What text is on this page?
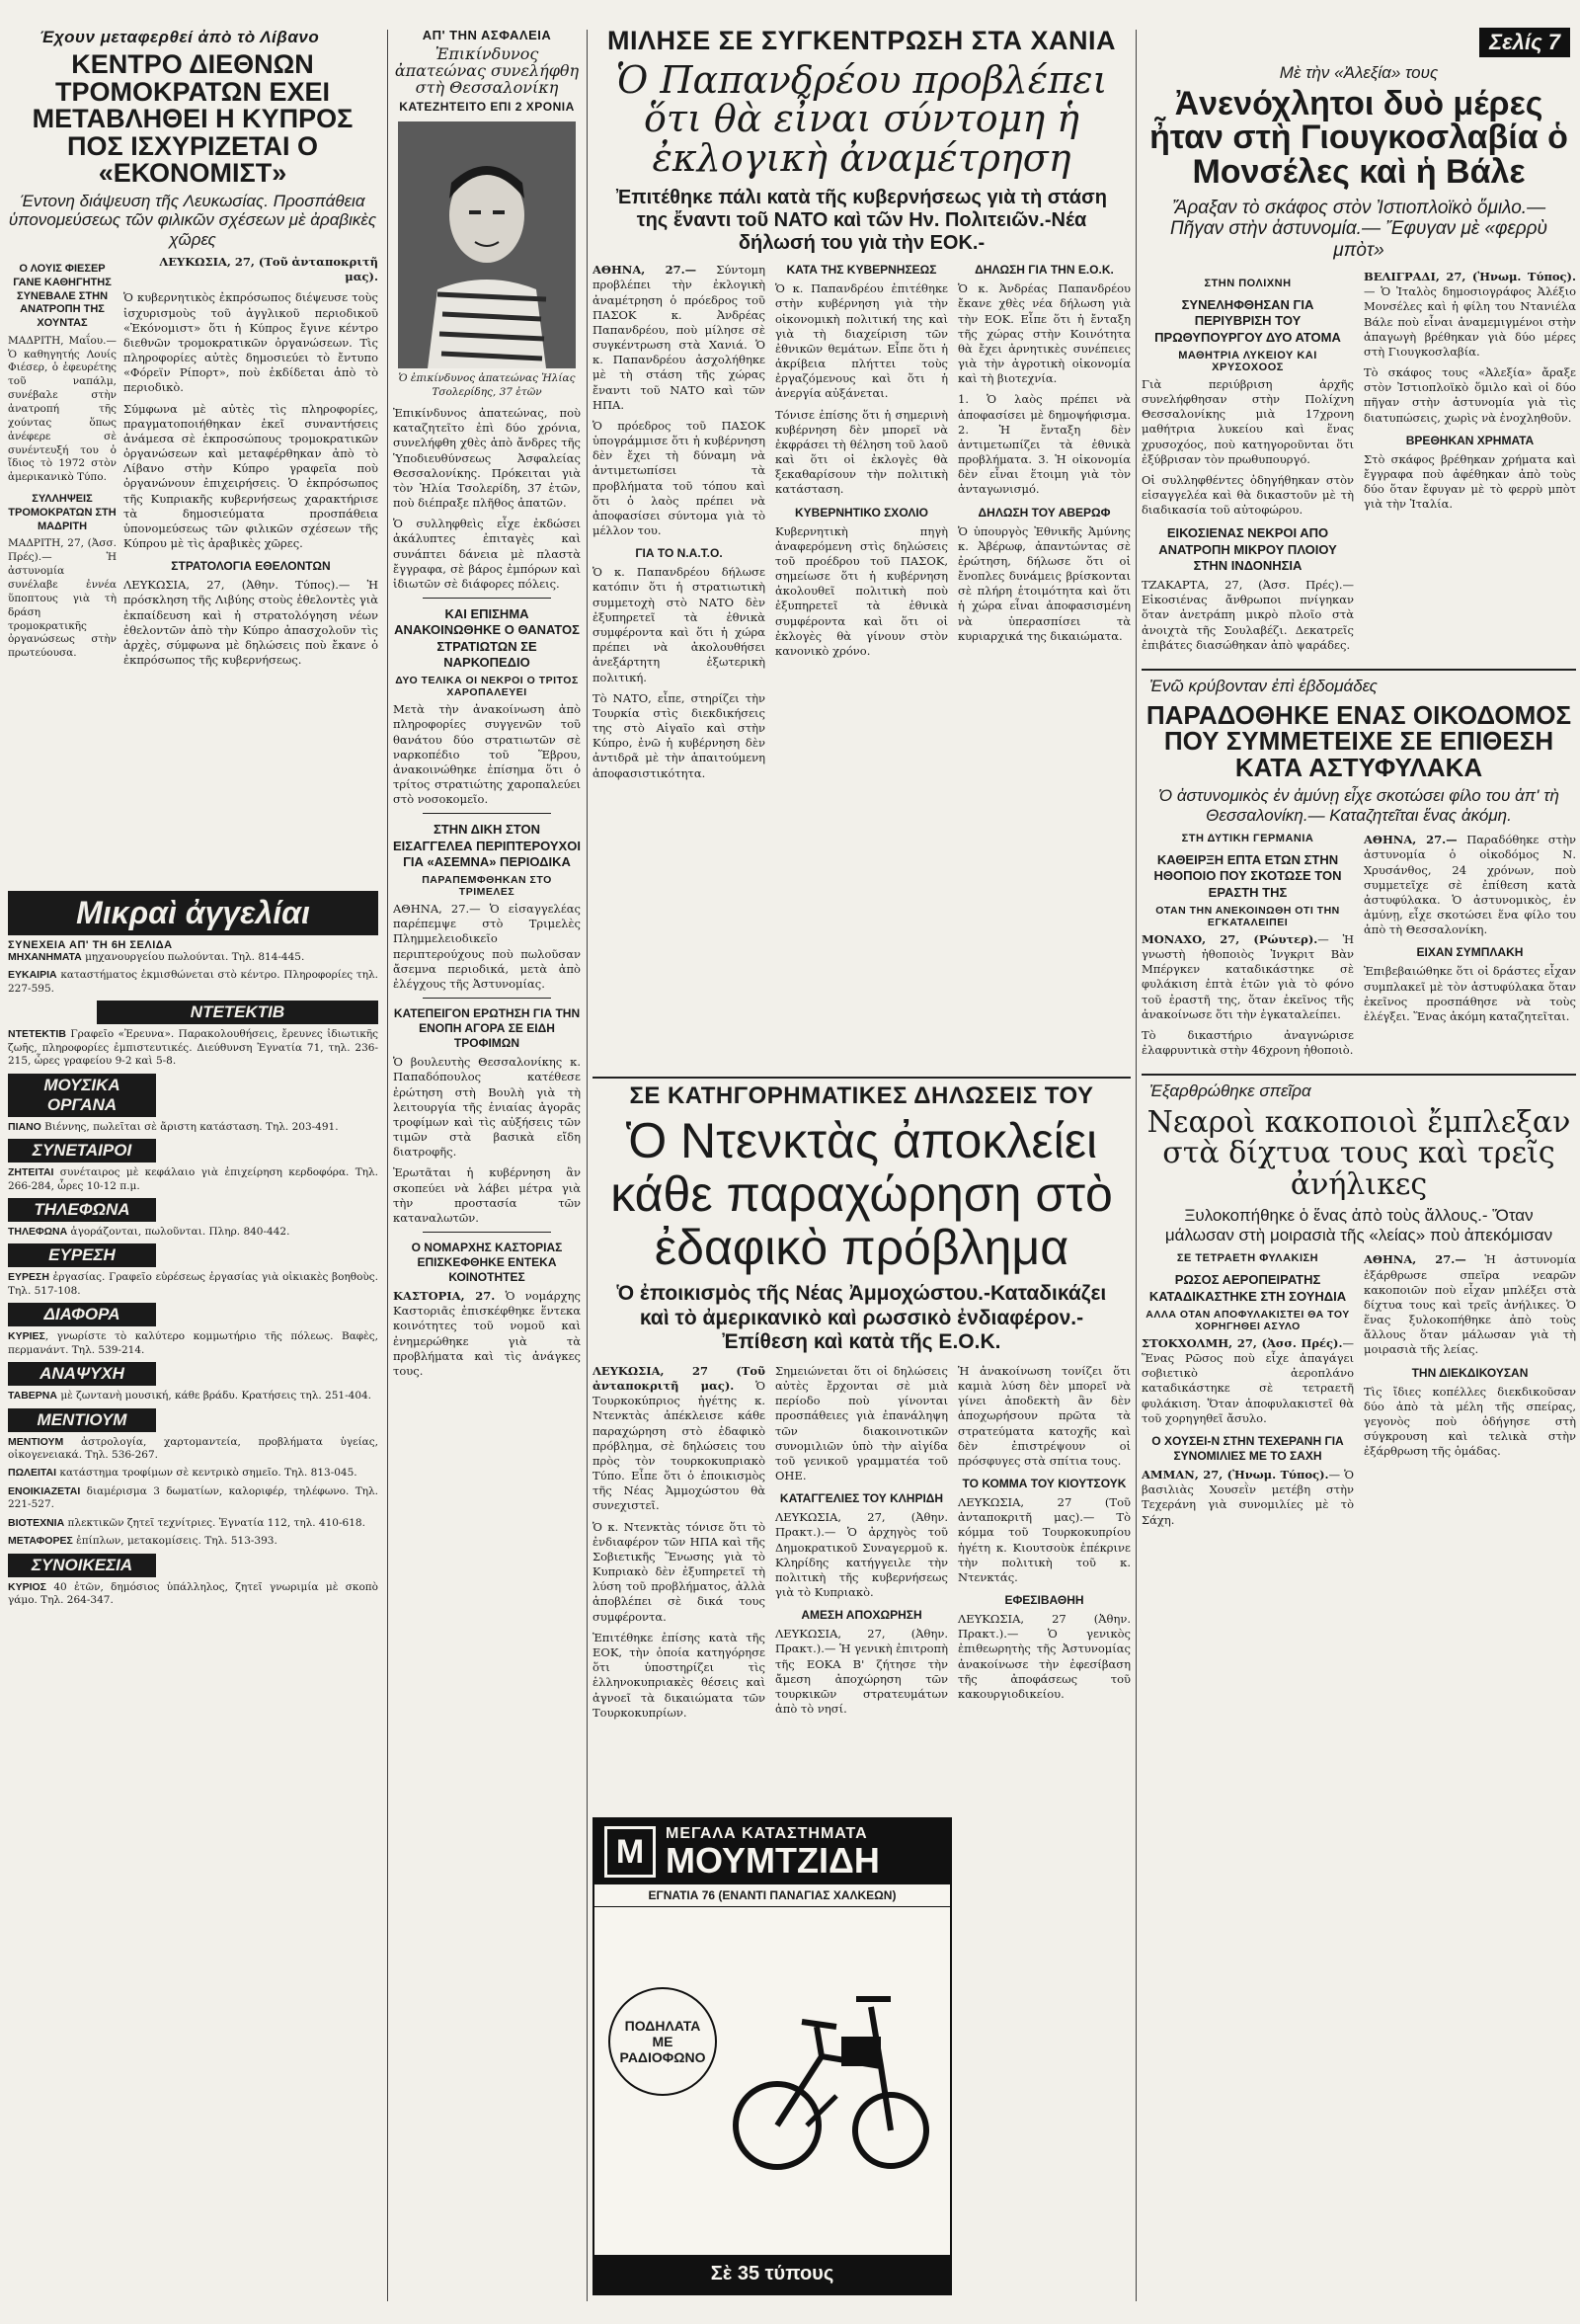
Έχουν μεταφερθεί ἀπὸ τὸ Λίβανο
ΚΕΝΤΡΟ ΔΙΕΘΝΩΝ ΤΡΟΜΟΚΡΑΤΩΝ ΕΧΕΙ ΜΕΤΑΒΛΗΘΕΙ Η ΚΥΠΡΟΣ ΠΟΣ ΙΣΧΥΡΙΖΕΤΑΙ Ο «ΕΚΟΝΟΜΙΣΤ»
Έντονη διάψευση τῆς Λευκωσίας. Προσπάθεια ὑπονομεύσεως τῶν φιλικῶν σχέσεων μὲ ἀραβικὲς χῶρες
Ο ΛΟΥΙΣ ΦΙΕΣΕΡ ΓΑΝΕ ΚΑΘΗΓΗΤΗΣ ΣΥΝΕΒΑΛΕ ΣΤΗΝ ΑΝΑΤΡΟΠΗ ΤΗΣ ΧΟΥΝΤΑΣ

ΜΑΔΡΙΤΗ, Μαΐου.— Ὁ καθηγητής Λουίς Φιέσερ, ὁ ἐφευρέτης τοῦ ναπάλμ, συνέβαλε στὴν ἀνατροπή τῆς χούντας ὅπως ἀνέφερε σὲ συνέντευξή του ὁ ἴδιος τὸ 1972 στὸν ἀμερικανικὸ Τύπο.

ΣΥΛΛΗΨΕΙΣ ΤΡΟΜΟΚΡΑΤΩΝ ΣΤΗ ΜΑΔΡΙΤΗ

ΜΑΔΡΙΤΗ, 27, (Ἀσσ. Πρές).— Ἡ ἀστυνομία συνέλαβε ἐννέα ὕποπτους γιὰ τὴ δράση τρομοκρατικῆς ὀργανώσεως στὴν πρωτεύουσα.

ΛΕΥΚΩΣΙΑ, 27, (Τοῦ ἀνταποκριτῆ μας).

Ὁ κυβερνητικὸς ἐκπρόσωπος διέψευσε τοὺς ἰσχυρισμοὺς τοῦ ἀγγλικοῦ περιοδικοῦ «Ἐκόνομιστ» ὅτι ἡ Κύπρος ἔγινε κέντρο διεθνῶν τρομοκρατικῶν ὀργανώσεων. Τὶς πληροφορίες αὐτὲς δημοσιεύει τὸ ἔντυπο «Φόρεϊν Ρίπορτ», ποὺ ἐκδίδεται ἀπὸ τὸ περιοδικὸ.

Σύμφωνα μὲ αὐτὲς τὶς πληροφορίες, πραγματοποιήθηκαν ἐκεῖ συναντήσεις ἀνάμεσα σὲ ἐκπροσώπους τρομοκρατικῶν ὀργανώσεων καὶ μεταφέρθηκαν ἀπὸ τὸ Λίβανο στὴν Κύπρο γραφεῖα ποὺ ὀργανώνουν ἐπιχειρήσεις. Ὁ ἐκπρόσωπος τῆς Κυπριακῆς κυβερνήσεως χαρακτήρισε τὰ δημοσιεύματα προσπάθεια ὑπονομεύσεως τῶν φιλικῶν σχέσεων τῆς Κύπρου μὲ τὶς ἀραβικὲς χῶρες.

ΣΤΡΑΤΟΛΟΓΙΑ ΕΘΕΛΟΝΤΩΝ

ΛΕΥΚΩΣΙΑ, 27, (Ἀθην. Τύπος).— Ἡ πρόσκληση τῆς Λιβύης στοὺς ἐθελοντὲς γιὰ ἐκπαίδευση καὶ ἡ στρατολόγηση νέων ἐθελοντῶν ἀπὸ τὴν Κύπρο ἀπασχολοῦν τὶς ἀρχὲς, σύμφωνα μὲ δηλώσεις ποὺ ἔκανε ὁ ἐκπρόσωπος τῆς κυβερνήσεως.

Μικραὶ ἀγγελίαι
ΣΥΝΕΧΕΙΑ ΑΠ' ΤΗ 6Η ΣΕΛΙΔΑ

ΜΗΧΑΝΗΜΑΤΑ μηχανουργείου πωλούνται. Τηλ. 814-445.

ΕΥΚΑΙΡΙΑ καταστήματος ἐκμισθώνεται στὸ κέντρο. Πληροφορίες τηλ. 227-595.

ΝΤΕΤΕΚΤΙΒ

ΝΤΕΤΕΚΤΙΒ Γραφεῖο «Ἐρευνα». Παρακολουθήσεις, ἔρευνες ἰδιωτικῆς ζωῆς, πληροφορίες ἐμπιστευτικές. Διεύθυνση Ἐγνατία 71, τηλ. 236-215, ὧρες γραφείου 9-2 καὶ 5-8.

ΜΟΥΣΙΚΑ ΟΡΓΑΝΑ

ΠΙΑΝΟ Βιέννης, πωλεῖται σὲ ἄριστη κατάσταση. Τηλ. 203-491.

ΣΥΝΕΤΑΙΡΟΙ

ΖΗΤΕΙΤΑΙ συνέταιρος μὲ κεφάλαιο γιὰ ἐπιχείρηση κερδοφόρα. Τηλ. 266-284, ὧρες 10-12 π.μ.

ΤΗΛΕΦΩΝΑ

ΤΗΛΕΦΩΝΑ ἀγοράζονται, πωλοῦνται. Πληρ. 840-442.

ΕΥΡΕΣΗ

ΕΥΡΕΣΗ ἐργασίας. Γραφεῖο εὑρέσεως ἐργασίας γιὰ οἰκιακὲς βοηθοὺς. Τηλ. 517-108.

ΔΙΑΦΟΡΑ

ΚΥΡΙΕΣ, γνωρίστε τὸ καλύτερο κομμωτήριο τῆς πόλεως. Βαφὲς, περμανάντ. Τηλ. 539-214.

ΑΝΑΨΥΧΗ

ΤΑΒΕΡΝΑ μὲ ζωντανὴ μουσική, κάθε βράδυ. Κρατήσεις τηλ. 251-404.

ΜΕΝΤΙΟΥΜ

ΜΕΝΤΙΟΥΜ ἀστρολογία, χαρτομαντεία, προβλήματα ὑγείας, οἰκογενειακά. Τηλ. 536-267.

ΠΩΛΕΙΤΑΙ κατάστημα τροφίμων σὲ κεντρικὸ σημεῖο. Τηλ. 813-045.

ΕΝΟΙΚΙΑΖΕΤΑΙ διαμέρισμα 3 δωματίων, καλοριφέρ, τηλέφωνο. Τηλ. 221-527.

ΒΙΟΤΕΧΝΙΑ πλεκτικῶν ζητεῖ τεχνίτριες. Ἐγνατία 112, τηλ. 410-618.

ΜΕΤΑΦΟΡΕΣ ἐπίπλων, μετακομίσεις. Τηλ. 513-393.

ΣΥΝΟΙΚΕΣΙΑ

ΚΥΡΙΟΣ 40 ἐτῶν, δημόσιος ὑπάλληλος, ζητεῖ γνωριμία μὲ σκοπὸ γάμο. Τηλ. 264-347.

ΑΠ' ΤΗΝ ΑΣΦΑΛΕΙΑ
Ἐπικίνδυνος ἀπατεώνας συνελήφθη στὴ Θεσσαλονίκη
ΚΑΤΕΖΗΤΕΙΤΟ ΕΠΙ 2 ΧΡΟΝΙΑ
Ὁ ἐπικίνδυνος ἀπατεώνας Ἠλίας Τσολερίδης, 37 ἐτῶν

Ἐπικίνδυνος ἀπατεώνας, ποὺ καταζητεῖτο ἐπὶ δύο χρόνια, συνελήφθη χθὲς ἀπὸ ἄνδρες τῆς Ὑποδιευθύνσεως Ἀσφαλείας Θεσσαλονίκης. Πρόκειται γιὰ τὸν Ἠλία Τσολερίδη, 37 ἐτῶν, ποὺ διέπραξε πλῆθος ἀπατῶν.

Ὁ συλληφθεὶς εἶχε ἐκδώσει ἀκάλυπτες ἐπιταγὲς καὶ συνάπτει δάνεια μὲ πλαστὰ ἔγγραφα, σὲ βάρος ἐμπόρων καὶ ἰδιωτῶν σὲ διάφορες πόλεις.

ΚΑΙ ΕΠΙΣΗΜΑ ΑΝΑΚΟΙΝΩΘΗΚΕ Ο ΘΑΝΑΤΟΣ ΣΤΡΑΤΙΩΤΩΝ ΣΕ ΝΑΡΚΟΠΕΔΙΟ
ΔΥΟ ΤΕΛΙΚΑ ΟΙ ΝΕΚΡΟΙ Ο ΤΡΙΤΟΣ ΧΑΡΟΠΑΛΕΥΕΙ

Μετὰ τὴν ἀνακοίνωση ἀπὸ πληροφορίες συγγενῶν τοῦ θανάτου δύο στρατιωτῶν σὲ ναρκοπέδιο τοῦ Ἕβρου, ἀνακοινώθηκε ἐπίσημα ὅτι ὁ τρίτος στρατιώτης χαροπαλεύει στὸ νοσοκομεῖο.

ΣΤΗΝ ΔΙΚΗ ΣΤΟΝ ΕΙΣΑΓΓΕΛΕΑ ΠΕΡΙΠΤΕΡΟΥΧΟΙ ΓΙΑ «ΑΣΕΜΝΑ» ΠΕΡΙΟΔΙΚΑ
ΠΑΡΑΠΕΜΦΘΗΚΑΝ ΣΤΟ ΤΡΙΜΕΛΕΣ

ΑΘΗΝΑ, 27.— Ὁ εἰσαγγελέας παρέπεμψε στὸ Τριμελὲς Πλημμελειοδικεῖο περιπτερούχους ποὺ πωλοῦσαν ἄσεμνα περιοδικά, μετὰ ἀπὸ ἐλέγχους τῆς Ἀστυνομίας.

ΚΑΤΕΠΕΙΓΟΝ ΕΡΩΤΗΣΗ ΓΙΑ ΤΗΝ ΕΝΟΠΗ ΑΓΟΡΑ ΣΕ ΕΙΔΗ ΤΡΟΦΙΜΩΝ

Ὁ βουλευτὴς Θεσσαλονίκης κ. Παπαδόπουλος κατέθεσε ἐρώτηση στὴ Βουλὴ γιὰ τὴ λειτουργία τῆς ἑνιαίας ἀγορᾶς τροφίμων καὶ τὶς αὐξήσεις τῶν τιμῶν στὰ βασικὰ εἴδη διατροφῆς.

Ἐρωτᾶται ἡ κυβέρνηση ἂν σκοπεύει νὰ λάβει μέτρα γιὰ τὴν προστασία τῶν καταναλωτῶν.

Ο ΝΟΜΑΡΧΗΣ ΚΑΣΤΟΡΙΑΣ ΕΠΙΣΚΕΦΘΗΚΕ ΕΝΤΕΚΑ ΚΟΙΝΟΤΗΤΕΣ

ΚΑΣΤΟΡΙΑ, 27. Ὁ νομάρχης Καστοριᾶς ἐπισκέφθηκε ἕντεκα κοινότητες τοῦ νομοῦ καὶ ἐνημερώθηκε γιὰ τὰ προβλήματα καὶ τὶς ἀνάγκες τους.

ΜΙΛΗΣΕ ΣΕ ΣΥΓΚΕΝΤΡΩΣΗ ΣΤΑ ΧΑΝΙΑ
Ὁ Παπανδρέου προβλέπει ὅτι θὰ εἶναι σύντομη ἡ ἐκλογικὴ ἀναμέτρηση
Ἐπιτέθηκε πάλι κατὰ τῆς κυβερνήσεως γιὰ τὴ στάση της ἔναντι τοῦ ΝΑΤΟ καὶ τῶν Ην. Πολιτειῶν.-Νέα δήλωσή του γιὰ τὴν ΕΟΚ.-

ΑΘΗΝΑ, 27.— Σύντομη προβλέπει τὴν ἐκλογικὴ ἀναμέτρηση ὁ πρόεδρος τοῦ ΠΑΣΟΚ κ. Ἀνδρέας Παπανδρέου, ποὺ μίλησε σὲ συγκέντρωση στὰ Χανιά. Ὁ κ. Παπανδρέου ἀσχολήθηκε μὲ τὴ στάση τῆς χώρας ἔναντι τοῦ ΝΑΤΟ καὶ τῶν ΗΠΑ.

Ὁ πρόεδρος τοῦ ΠΑΣΟΚ ὑπογράμμισε ὅτι ἡ κυβέρνηση δὲν ἔχει τὴ δύναμη νὰ ἀντιμετωπίσει τὰ προβλήματα τοῦ τόπου καὶ ὅτι ὁ λαὸς πρέπει νὰ ἀποφασίσει σύντομα γιὰ τὸ μέλλον του.

ΓΙΑ ΤΟ Ν.Α.Τ.Ο.

Ὁ κ. Παπανδρέου δήλωσε κατόπιν ὅτι ἡ στρατιωτικὴ συμμετοχὴ στὸ ΝΑΤΟ δὲν ἐξυπηρετεῖ τὰ ἐθνικὰ συμφέροντα καὶ ὅτι ἡ χώρα πρέπει νὰ ἀκολουθήσει ἀνεξάρτητη ἐξωτερικὴ πολιτική.

Τὸ ΝΑΤΟ, εἶπε, στηρίζει τὴν Τουρκία στὶς διεκδικήσεις της στὸ Αἰγαῖο καὶ στὴν Κύπρο, ἐνῶ ἡ κυβέρνηση δὲν ἀντιδρᾶ μὲ τὴν ἀπαιτούμενη ἀποφασιστικότητα.

ΚΑΤΑ ΤΗΣ ΚΥΒΕΡΝΗΣΕΩΣ

Ὁ κ. Παπανδρέου ἐπιτέθηκε στὴν κυβέρνηση γιὰ τὴν οἰκονομικὴ πολιτική της καὶ γιὰ τὴ διαχείριση τῶν ἐθνικῶν θεμάτων. Εἶπε ὅτι ἡ ἀκρίβεια πλήττει τοὺς ἐργαζόμενους καὶ ὅτι ἡ ἀνεργία αὐξάνεται.

Τόνισε ἐπίσης ὅτι ἡ σημερινὴ κυβέρνηση δὲν μπορεῖ νὰ ἐκφράσει τὴ θέληση τοῦ λαοῦ καὶ ὅτι οἱ ἐκλογὲς θὰ ξεκαθαρίσουν τὴν πολιτικὴ κατάσταση.

ΚΥΒΕΡΝΗΤΙΚΟ ΣΧΟΛΙΟ

Κυβερνητικὴ πηγὴ ἀναφερόμενη στὶς δηλώσεις τοῦ προέδρου τοῦ ΠΑΣΟΚ, σημείωσε ὅτι ἡ κυβέρνηση ἀκολουθεῖ πολιτικὴ ποὺ ἐξυπηρετεῖ τὰ ἐθνικὰ συμφέροντα καὶ ὅτι οἱ ἐκλογὲς θὰ γίνουν στὸν κανονικὸ χρόνο.

ΔΗΛΩΣΗ ΓΙΑ ΤΗΝ Ε.Ο.Κ.

Ὁ κ. Ἀνδρέας Παπανδρέου ἔκανε χθὲς νέα δήλωση γιὰ τὴν ΕΟΚ. Εἶπε ὅτι ἡ ἔνταξη τῆς χώρας στὴν Κοινότητα θὰ ἔχει ἀρνητικὲς συνέπειες γιὰ τὴν ἀγροτικὴ οἰκονομία καὶ τὴ βιοτεχνία.

1. Ὁ λαὸς πρέπει νὰ ἀποφασίσει μὲ δημοψήφισμα. 2. Ἡ ἔνταξη δὲν ἀντιμετωπίζει τὰ ἐθνικὰ προβλήματα. 3. Ἡ οἰκονομία δὲν εἶναι ἕτοιμη γιὰ τὸν ἀνταγωνισμό.

ΔΗΛΩΣΗ ΤΟΥ ΑΒΕΡΩΦ

Ὁ ὑπουργὸς Ἐθνικῆς Ἀμύνης κ. Ἀβέρωφ, ἀπαντώντας σὲ ἐρώτηση, δήλωσε ὅτι οἱ ἔνοπλες δυνάμεις βρίσκονται σὲ πλήρη ἑτοιμότητα καὶ ὅτι ἡ χώρα εἶναι ἀποφασισμένη νὰ ὑπερασπίσει τὰ κυριαρχικά της δικαιώματα.

ΣΕ ΚΑΤΗΓΟΡΗΜΑΤΙΚΕΣ ΔΗΛΩΣΕΙΣ ΤΟΥ
Ὁ Ντενκτὰς ἀποκλείει κάθε παραχώρηση στὸ ἐδαφικὸ πρόβλημα
Ὁ ἐποικισμὸς τῆς Νέας Ἀμμοχώστου.-Καταδικάζει καὶ τὸ ἀμερικανικὸ καὶ ρωσσικὸ ἐνδιαφέρον.- Ἐπίθεση καὶ κατὰ τῆς Ε.Ο.Κ.

ΛΕΥΚΩΣΙΑ, 27 (Τοῦ ἀνταποκριτῆ μας). Ὁ Τουρκοκύπριος ἡγέτης κ. Ντενκτὰς ἀπέκλεισε κάθε παραχώρηση στὸ ἐδαφικὸ πρόβλημα, σὲ δηλώσεις του πρὸς τὸν τουρκοκυπριακὸ Τύπο. Εἶπε ὅτι ὁ ἐποικισμὸς τῆς Νέας Ἀμμοχώστου θὰ συνεχιστεῖ.

Ὁ κ. Ντενκτὰς τόνισε ὅτι τὸ ἐνδιαφέρον τῶν ΗΠΑ καὶ τῆς Σοβιετικῆς Ἕνωσης γιὰ τὸ Κυπριακὸ δὲν ἐξυπηρετεῖ τὴ λύση τοῦ προβλήματος, ἀλλὰ ἀποβλέπει σὲ δικά τους συμφέροντα.

Ἐπιτέθηκε ἐπίσης κατὰ τῆς ΕΟΚ, τὴν ὁποία κατηγόρησε ὅτι ὑποστηρίζει τὶς ἑλληνοκυπριακὲς θέσεις καὶ ἀγνοεῖ τὰ δικαιώματα τῶν Τουρκοκυπρίων.

Σημειώνεται ὅτι οἱ δηλώσεις αὐτὲς ἔρχονται σὲ μιὰ περίοδο ποὺ γίνονται προσπάθειες γιὰ ἐπανάληψη τῶν διακοινοτικῶν συνομιλιῶν ὑπὸ τὴν αἰγίδα τοῦ γενικοῦ γραμματέα τοῦ ΟΗΕ.

ΚΑΤΑΓΓΕΛΙΕΣ ΤΟΥ ΚΛΗΡΙΔΗ

ΛΕΥΚΩΣΙΑ, 27, (Ἀθην. Πρακτ.).— Ὁ ἀρχηγὸς τοῦ Δημοκρατικοῦ Συναγερμοῦ κ. Κληρίδης κατήγγειλε τὴν πολιτικὴ τῆς κυβερνήσεως γιὰ τὸ Κυπριακὸ.

ΑΜΕΣΗ ΑΠΟΧΩΡΗΣΗ

ΛΕΥΚΩΣΙΑ, 27, (Ἀθην. Πρακτ.).— Ἡ γενικὴ ἐπιτροπὴ τῆς ΕΟΚΑ Β' ζήτησε τὴν ἄμεση ἀποχώρηση τῶν τουρκικῶν στρατευμάτων ἀπὸ τὸ νησί.

Ἡ ἀνακοίνωση τονίζει ὅτι καμιὰ λύση δὲν μπορεῖ νὰ γίνει ἀποδεκτὴ ἂν δὲν ἀποχωρήσουν πρῶτα τὰ στρατεύματα κατοχῆς καὶ δὲν ἐπιστρέψουν οἱ πρόσφυγες στὰ σπίτια τους.

ΤΟ ΚΟΜΜΑ ΤΟΥ ΚΙΟΥΤΣΟΥΚ

ΛΕΥΚΩΣΙΑ, 27 (Τοῦ ἀνταποκριτῆ μας).— Τὸ κόμμα τοῦ Τουρκοκυπρίου ἡγέτη κ. Κιουτσοὺκ ἐπέκρινε τὴν πολιτικὴ τοῦ κ. Ντενκτάς.

ΕΦΕΣΙΒΑΘΗΗ

ΛΕΥΚΩΣΙΑ, 27 (Ἀθην. Πρακτ.).— Ὁ γενικὸς ἐπιθεωρητὴς τῆς Ἀστυνομίας ἀνακοίνωσε τὴν ἐφεσίβαση τῆς ἀποφάσεως τοῦ κακουργιοδικείου.

M	ΜΕΓΑΛΑ ΚΑΤΑΣΤΗΜΑΤΑ
ΜΟΥΜΤΖΙΔΗ
ΕΓΝΑΤΙΑ 76 (ΕΝΑΝΤΙ ΠΑΝΑΓΙΑΣ ΧΑΛΚΕΩΝ)
ΠΟΔΗΛΑΤΑ ΜΕ ΡΑΔΙΟΦΩΝΟ
Σὲ 35 τύπους
Σελίς 7
Μὲ τὴν «Ἀλεξία» τους
Ἀνενόχλητοι δυὸ μέρες ἦταν στὴ Γιουγκοσλαβία ὁ Μονσέλες καὶ ἡ Βάλε
Ἄραξαν τὸ σκάφος στὸν Ἰστιοπλοϊκὸ ὅμιλο.— Πῆγαν στὴν ἀστυνομία.— Ἔφυγαν μὲ «φερρὺ μπὸτ»
ΣΤΗΝ ΠΟΛΙΧΝΗ
ΣΥΝΕΛΗΦΘΗΣΑΝ ΓΙΑ ΠΕΡΙΥΒΡΙΣΗ ΤΟΥ ΠΡΩΘΥΠΟΥΡΓΟΥ ΔΥΟ ΑΤΟΜΑ
ΜΑΘΗΤΡΙΑ ΛΥΚΕΙΟΥ ΚΑΙ ΧΡΥΣΟΧΟΟΣ

Γιὰ περιύβριση ἀρχῆς συνελήφθησαν στὴν Πολίχνη Θεσσαλονίκης μιὰ 17χρονη μαθήτρια λυκείου καὶ ἕνας χρυσοχόος, ποὺ κατηγοροῦνται ὅτι ἐξύβρισαν τὸν πρωθυπουργό.

Οἱ συλληφθέντες ὁδηγήθηκαν στὸν εἰσαγγελέα καὶ θὰ δικαστοῦν μὲ τὴ διαδικασία τοῦ αὐτοφώρου.

ΕΙΚΟΣΙΕΝΑΣ ΝΕΚΡΟΙ ΑΠΟ ΑΝΑΤΡΟΠΗ ΜΙΚΡΟΥ ΠΛΟΙΟΥ ΣΤΗΝ ΙΝΔΟΝΗΣΙΑ

ΤΖΑΚΑΡΤΑ, 27, (Ἀσσ. Πρές).— Εἰκοσιένας ἄνθρωποι πνίγηκαν ὅταν ἀνετράπη μικρὸ πλοῖο στὰ ἀνοιχτὰ τῆς Σουλαβέζι. Δεκατρεῖς ἐπιβάτες διασώθηκαν ἀπὸ ψαράδες.

ΒΕΛΙΓΡΑΔΙ, 27, (Ἠνωμ. Τύπος).— Ὁ Ἰταλὸς δημοσιογράφος Ἀλέξιο Μονσέλες καὶ ἡ φίλη του Ντανιέλα Βάλε ποὺ εἶναι ἀναμεμιγμένοι στὴν ἀπαγωγὴ βρέθηκαν γιὰ δύο μέρες στὴ Γιουγκοσλαβία.

Τὸ σκάφος τους «Ἀλεξία» ἄραξε στὸν Ἰστιοπλοϊκὸ ὅμιλο καὶ οἱ δύο πῆγαν στὴν ἀστυνομία γιὰ τὶς διατυπώσεις, χωρὶς νὰ ἐνοχληθοῦν.

ΒΡΕΘΗΚΑΝ ΧΡΗΜΑΤΑ

Στὸ σκάφος βρέθηκαν χρήματα καὶ ἔγγραφα ποὺ ἀφέθηκαν ἀπὸ τοὺς δύο ὅταν ἔφυγαν μὲ τὸ φερρὺ μπὸτ γιὰ τὴν Ἰταλία.

Ἐνῶ κρύβονταν ἐπὶ ἑβδομάδες
ΠΑΡΑΔΟΘΗΚΕ ΕΝΑΣ ΟΙΚΟΔΟΜΟΣ ΠΟΥ ΣΥΜΜΕΤΕΙΧΕ ΣΕ ΕΠΙΘΕΣΗ ΚΑΤΑ ΑΣΤΥΦΥΛΑΚΑ
Ὁ ἀστυνομικὸς ἐν ἀμύνῃ εἶχε σκοτώσει φίλο του ἀπ' τὴ Θεσσαλονίκη.— Καταζητεῖται ἕνας ἀκόμη.
ΣΤΗ ΔΥΤΙΚΗ ΓΕΡΜΑΝΙΑ
ΚΑΘΕΙΡΞΗ ΕΠΤΑ ΕΤΩΝ ΣΤΗΝ ΗΘΟΠΟΙΟ ΠΟΥ ΣΚΟΤΩΣΕ ΤΟΝ ΕΡΑΣΤΗ ΤΗΣ
ΟΤΑΝ ΤΗΝ ΑΝΕΚΟΙΝΩΘΗ ΟΤΙ ΤΗΝ ΕΓΚΑΤΑΛΕΙΠΕΙ

ΜΟΝΑΧΟ, 27, (Ρώυτερ).— Ἡ γνωστὴ ἠθοποιὸς Ἰνγκριτ Βὰν Μπέργκεν καταδικάστηκε σὲ φυλάκιση ἑπτὰ ἐτῶν γιὰ τὸ φόνο τοῦ ἐραστῆ της, ὅταν ἐκεῖνος τῆς ἀνακοίνωσε ὅτι τὴν ἐγκαταλείπει.

Τὸ δικαστήριο ἀναγνώρισε ἐλαφρυντικὰ στὴν 46χρονη ἠθοποιὸ.

ΑΘΗΝΑ, 27.— Παραδόθηκε στὴν ἀστυνομία ὁ οἰκοδόμος Ν. Χρυσάνθος, 24 χρόνων, ποὺ συμμετεῖχε σὲ ἐπίθεση κατὰ ἀστυφύλακα. Ὁ ἀστυνομικὸς, ἐν ἀμύνῃ, εἶχε σκοτώσει ἕνα φίλο του ἀπὸ τὴ Θεσσαλονίκη.

ΕΙΧΑΝ ΣΥΜΠΛΑΚΗ

Ἐπιβεβαιώθηκε ὅτι οἱ δράστες εἶχαν συμπλακεῖ μὲ τὸν ἀστυφύλακα ὅταν ἐκεῖνος προσπάθησε νὰ τοὺς ἐλέγξει. Ἕνας ἀκόμη καταζητεῖται.

Ἐξαρθρώθηκε σπεῖρα
Νεαροὶ κακοποιοὶ ἔμπλεξαν στὰ δίχτυα τους καὶ τρεῖς ἀνήλικες
Ξυλοκοπήθηκε ὁ ἕνας ἀπὸ τοὺς ἄλλους.- Ὅταν μάλωσαν στὴ μοιρασιὰ τῆς «λείας» ποὺ ἀπεκόμισαν
ΣΕ ΤΕΤΡΑΕΤΗ ΦΥΛΑΚΙΣΗ
ΡΩΣΟΣ ΑΕΡΟΠΕΙΡΑΤΗΣ ΚΑΤΑΔΙΚΑΣΤΗΚΕ ΣΤΗ ΣΟΥΗΔΙΑ
ΑΛΛΑ ΟΤΑΝ ΑΠΟΦΥΛΑΚΙΣΤΕΙ ΘΑ ΤΟΥ ΧΟΡΗΓΗΘΕΙ ΑΣΥΛΟ

ΣΤΟΚΧΟΛΜΗ, 27, (Ἀσσ. Πρές).— Ἕνας Ρῶσος ποὺ εἶχε ἀπαγάγει σοβιετικὸ ἀεροπλάνο καταδικάστηκε σὲ τετραετῆ φυλάκιση. Ὅταν ἀποφυλακιστεῖ θὰ τοῦ χορηγηθεῖ ἄσυλο.

Ο ΧΟΥΣΕΙ-Ν ΣΤΗΝ ΤΕΧΕΡΑΝΗ ΓΙΑ ΣΥΝΟΜΙΛΙΕΣ ΜΕ ΤΟ ΣΑΧΗ

ΑΜΜΑΝ, 27, (Ἠνωμ. Τύπος).— Ὁ βασιλιὰς Χουσεῒν μετέβη στὴν Τεχεράνη γιὰ συνομιλίες μὲ τὸ Σάχη.

ΑΘΗΝΑ, 27.— Ἡ ἀστυνομία ἐξάρθρωσε σπεῖρα νεαρῶν κακοποιῶν ποὺ εἶχαν μπλέξει στὰ δίχτυα τους καὶ τρεῖς ἀνήλικες. Ὁ ἕνας ξυλοκοπήθηκε ἀπὸ τοὺς ἄλλους ὅταν μάλωσαν γιὰ τὴ μοιρασιὰ τῆς λείας.

ΤΗΝ ΔΙΕΚΔΙΚΟΥΣΑΝ

Τὶς ἴδιες κοπέλλες διεκδικοῦσαν δύο ἀπὸ τὰ μέλη τῆς σπείρας, γεγονὸς ποὺ ὁδήγησε στὴ σύγκρουση καὶ τελικὰ στὴν ἐξάρθρωση τῆς ὁμάδας.
